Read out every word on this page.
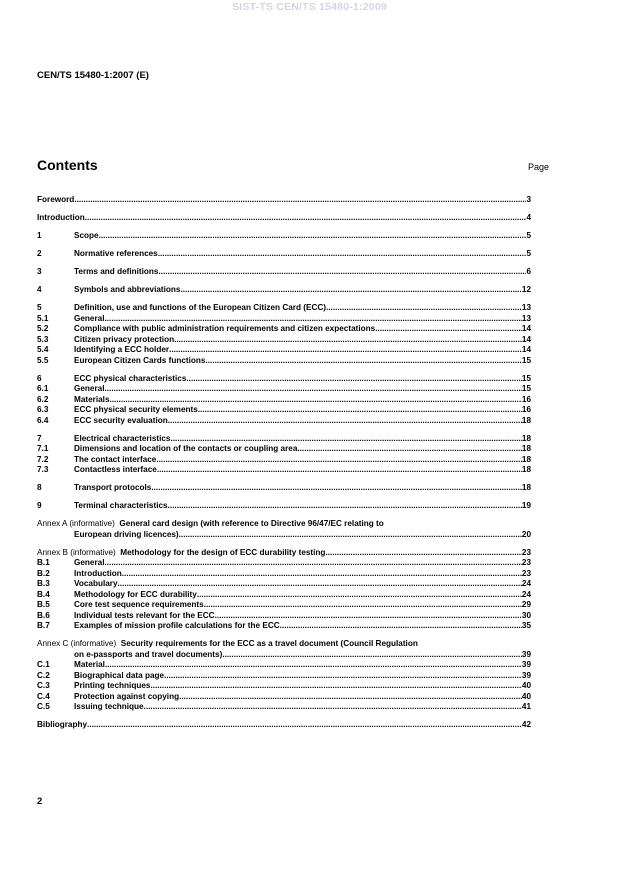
SIST-TS CEN/TS 15480-1:2009
CEN/TS 15480-1:2007 (E)
Contents	Page
Foreword .....	3
Introduction .....	4
1	Scope .....	5
2	Normative references .....	5
3	Terms and definitions .....	6
4	Symbols and abbreviations .....	12
5	Definition, use and functions of the European Citizen Card (ECC) .....	13
5.1	General .....	13
5.2	Compliance with public administration requirements and citizen expectations .....	14
5.3	Citizen privacy protection .....	14
5.4	Identifying a ECC holder .....	14
5.5	European Citizen Cards functions .....	15
6	ECC physical characteristics .....	15
6.1	General .....	15
6.2	Materials .....	16
6.3	ECC physical security elements .....	16
6.4	ECC security evaluation .....	18
7	Electrical characteristics .....	18
7.1	Dimensions and location of the contacts or coupling area .....	18
7.2	The contact interface .....	18
7.3	Contactless interface .....	18
8	Transport protocols .....	18
9	Terminal characteristics .....	19
Annex A (informative) General card design (with reference to Directive 96/47/EC relating to
European driving licences) .....	20
Annex B (informative) Methodology for the design of ECC durability testing .....	23
B.1	General .....	23
B.2	Introduction .....	23
B.3	Vocabulary .....	24
B.4	Methodology for ECC durability .....	24
B.5	Core test sequence requirements .....	29
B.6	Individual tests relevant for the ECC .....	30
B.7	Examples of mission profile calculations for the ECC .....	35
Annex C (informative) Security requirements for the ECC as a travel document (Council Regulation
on e-passports and travel documents) .....	39
C.1	Material .....	39
C.2	Biographical data page .....	39
C.3	Printing techniques .....	40
C.4	Protection against copying .....	40
C.5	Issuing technique .....	41
Bibliography .....	42
2
